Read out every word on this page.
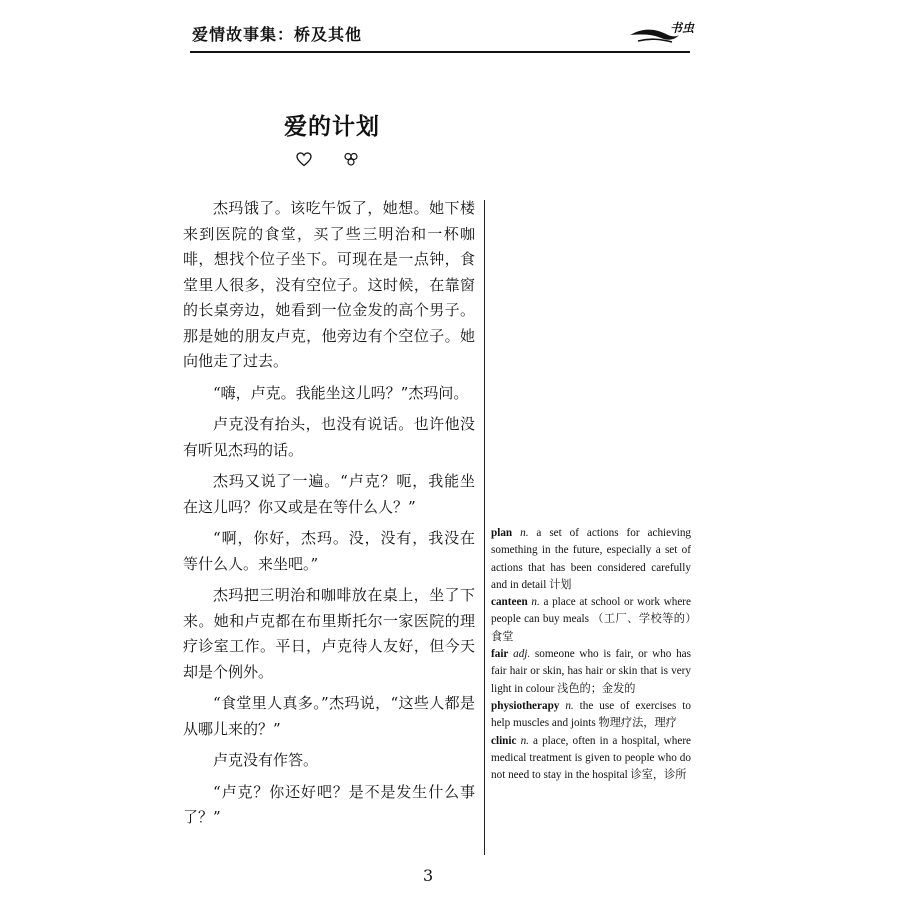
爱情故事集：桥及其他	书虫
爱的计划

杰玛饿了。该吃午饭了，她想。她下楼来到医院的食堂，买了些三明治和一杯咖啡，想找个位子坐下。可现在是一点钟，食堂里人很多，没有空位子。这时候，在靠窗的长桌旁边，她看到一位金发的高个男子。那是她的朋友卢克，他旁边有个空位子。她向他走了过去。

“嗨，卢克。我能坐这儿吗？”杰玛问。

卢克没有抬头，也没有说话。也许他没有听见杰玛的话。

杰玛又说了一遍。“卢克？呃，我能坐在这儿吗？你又或是在等什么人？”

“啊，你好，杰玛。没，没有，我没在等什么人。来坐吧。”

杰玛把三明治和咖啡放在桌上，坐了下来。她和卢克都在布里斯托尔一家医院的理疗诊室工作。平日，卢克待人友好，但今天却是个例外。

“食堂里人真多。”杰玛说，“这些人都是从哪儿来的？”

卢克没有作答。

“卢克？你还好吧？是不是发生什么事了？”

plan n. a set of actions for achieving something in the future, especially a set of actions that has been considered carefully and in detail 计划

canteen n. a place at school or work where people can buy meals （工厂、学校等的）食堂

fair adj. someone who is fair, or who has fair hair or skin, has hair or skin that is very light in colour 浅色的；金发的

physiotherapy n. the use of exercises to help muscles and joints 物理疗法，理疗

clinic n. a place, often in a hospital, where medical treatment is given to people who do not need to stay in the hospital 诊室，诊所

3
